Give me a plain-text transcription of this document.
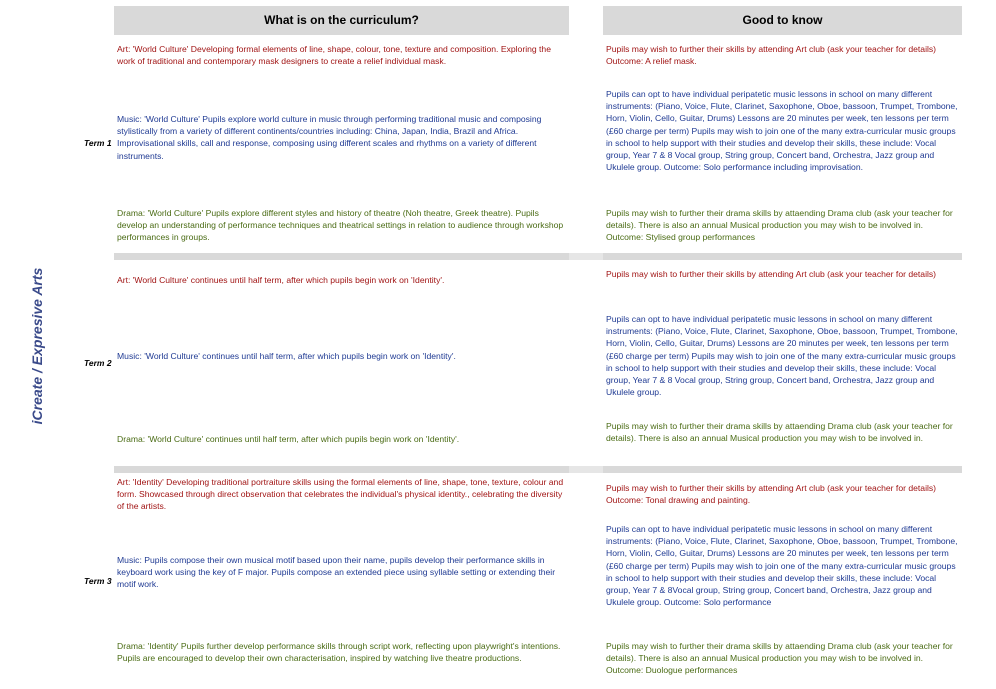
iCreate / Expresive Arts
What is on the curriculum?	Good to know
Term 1
Art: 'World Culture' Developing formal elements of line, shape, colour, tone, texture and composition. Exploring the work of traditional and contemporary mask designers to create a relief individual mask.
Pupils may wish to further their skills by attending Art club (ask your teacher for details) Outcome: A relief mask.
Music: 'World Culture' Pupils explore world culture in music through performing traditional music and composing stylistically from a variety of different continents/countries including: China, Japan, India, Brazil and Africa. Improvisational skills, call and response, composing using different scales and rhythms on a variety of different instruments.
Pupils can opt to have individual peripatetic music lessons in school on many different instruments: (Piano, Voice, Flute, Clarinet, Saxophone, Oboe, bassoon, Trumpet, Trombone, Horn, Violin, Cello, Guitar, Drums) Lessons are 20 minutes per week, ten lessons per term (£60 charge per term) Pupils may wish to join one of the many extra-curricular music groups in school to help support with their studies and develop their skills, these include: Vocal group, Year 7 & 8 Vocal group, String group, Concert band, Orchestra, Jazz group and Ukulele group. Outcome: Solo performance including improvisation.
Drama: 'World Culture' Pupils explore different styles and history of theatre (Noh theatre, Greek theatre). Pupils develop an understanding of performance techniques and theatrical settings in relation to audience through workshop performances in groups.
Pupils may wish to further their drama skills by attaending Drama club (ask your teacher for details). There is also an annual Musical production you may wish to be involved in. Outcome: Stylised group performances
Term 2
Art: 'World Culture' continues until half term, after which pupils begin work on 'Identity'.
Pupils may wish to further their skills by attending Art club (ask your teacher for details)
Music: 'World Culture' continues until half term, after which pupils begin work on 'Identity'.
Pupils can opt to have individual peripatetic music lessons in school on many different instruments: (Piano, Voice, Flute, Clarinet, Saxophone, Oboe, bassoon, Trumpet, Trombone, Horn, Violin, Cello, Guitar, Drums) Lessons are 20 minutes per week, ten lessons per term (£60 charge per term) Pupils may wish to join one of the many extra-curricular music groups in school to help support with their studies and develop their skills, these include: Vocal group, Year 7 & 8 Vocal group, String group, Concert band, Orchestra, Jazz group and Ukulele group.
Drama: 'World Culture' continues until half term, after which pupils begin work on 'Identity'.
Pupils may wish to further their drama skills by attaending Drama club (ask your teacher for details). There is also an annual Musical production you may wish to be involved in.
Term 3
Art: 'Identity' Developing traditional portraiture skills using the formal elements of line, shape, tone, texture, colour and form. Showcased through direct observation that celebrates the individual's physical identity., celebrating the diversity of the artists.
Pupils may wish to further their skills by attending Art club (ask your teacher for details) Outcome: Tonal drawing and painting.
Music: Pupils compose their own musical motif based upon their name, pupils develop their performance skills in keyboard work using the key of F major. Pupils compose an extended piece using syllable setting or extending their motif work.
Pupils can opt to have individual peripatetic music lessons in school on many different instruments: (Piano, Voice, Flute, Clarinet, Saxophone, Oboe, bassoon, Trumpet, Trombone, Horn, Violin, Cello, Guitar, Drums) Lessons are 20 minutes per week, ten lessons per term (£60 charge per term) Pupils may wish to join one of the many extra-curricular music groups in school to help support with their studies and develop their skills, these include: Vocal group, Year 7 & 8Vocal group, String group, Concert band, Orchestra, Jazz group and Ukulele group. Outcome: Solo performance
Drama: 'Identity' Pupils further develop performance skills through script work, reflecting upon playwright's intentions. Pupils are encouraged to develop their own characterisation, inspired by watching live theatre productions.
Pupils may wish to further their drama skills by attaending Drama club (ask your teacher for details). There is also an annual Musical production you may wish to be involved in. Outcome: Duologue performances
